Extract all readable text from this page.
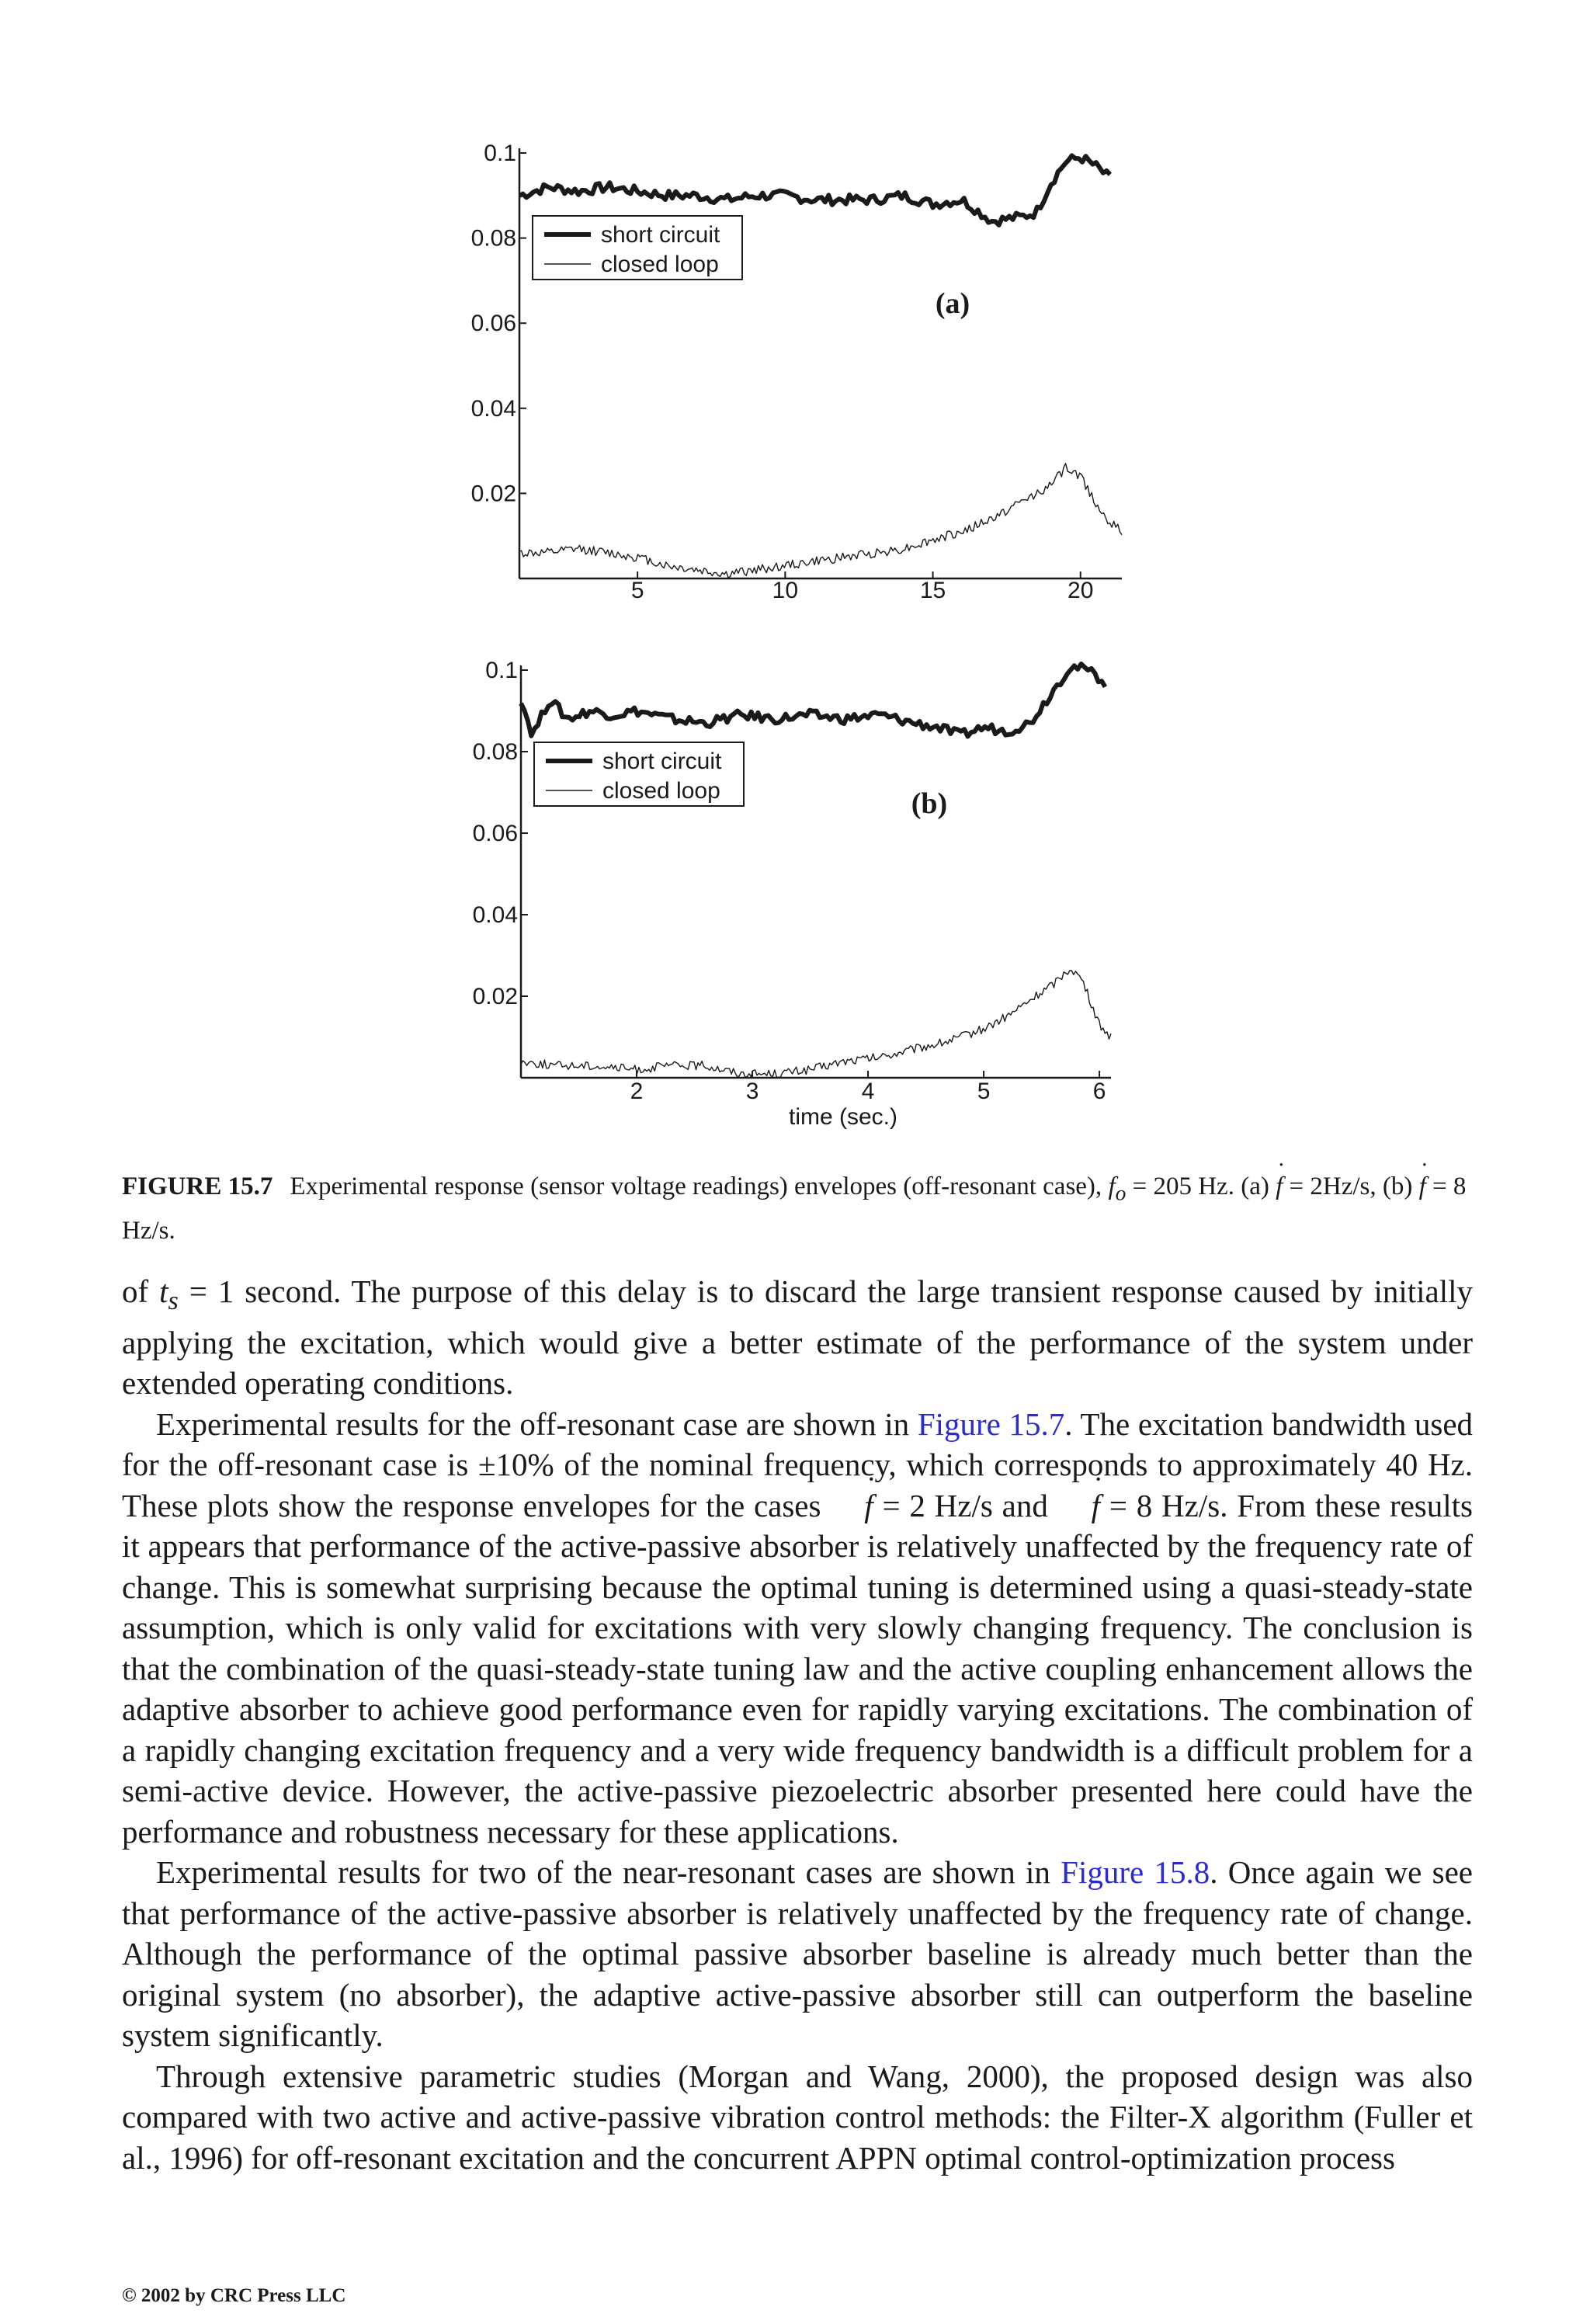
0.02
0.04
0.06
0.08
0.1
5	10	15	20
short circuit
closed loop
(a)
0.02
0.04
0.06
0.08
0.1
2	3	4	5	6
time (sec.)
short circuit
closed loop	(b)
FIGURE 15.7 Experimental response (sensor voltage readings) envelopes (off-resonant case), $f_o = 205$ Hz. (a) ˙ f = 2Hz/s, (b) ˙ f = 8 Hz/s.

of $t_s = 1$ second. The purpose of this delay is to discard the large transient response caused by initially applying the excitation, which would give a better estimate of the performance of the system under extended operating conditions.

Experimental results for the off-resonant case are shown in Figure 15.7. The excitation bandwidth used for the off-resonant case is ±10% of the nominal frequency, which corresponds to approximately 40 Hz. These plots show the response envelopes for the cases ˙ f = 2 Hz/s and ˙ f = 8 Hz/s. From these results it appears that performance of the active-passive absorber is relatively unaffected by the frequency rate of change. This is somewhat surprising because the optimal tuning is determined using a quasi-steady-state assumption, which is only valid for excitations with very slowly changing frequency. The conclusion is that the combination of the quasi-steady-state tuning law and the active coupling enhancement allows the adaptive absorber to achieve good performance even for rapidly varying excitations. The combination of a rapidly changing excitation frequency and a very wide frequency bandwidth is a difficult problem for a semi-active device. However, the active-passive piezoelectric absorber presented here could have the performance and robustness necessary for these applications.

Experimental results for two of the near-resonant cases are shown in Figure 15.8. Once again we see that performance of the active-passive absorber is relatively unaffected by the frequency rate of change. Although the performance of the optimal passive absorber baseline is already much better than the original system (no absorber), the adaptive active-passive absorber still can outperform the baseline system significantly.

Through extensive parametric studies (Morgan and Wang, 2000), the proposed design was also compared with two active and active-passive vibration control methods: the Filter-X algorithm (Fuller et al., 1996) for off-resonant excitation and the concurrent APPN optimal control-optimization process

© 2002 by CRC Press LLC
